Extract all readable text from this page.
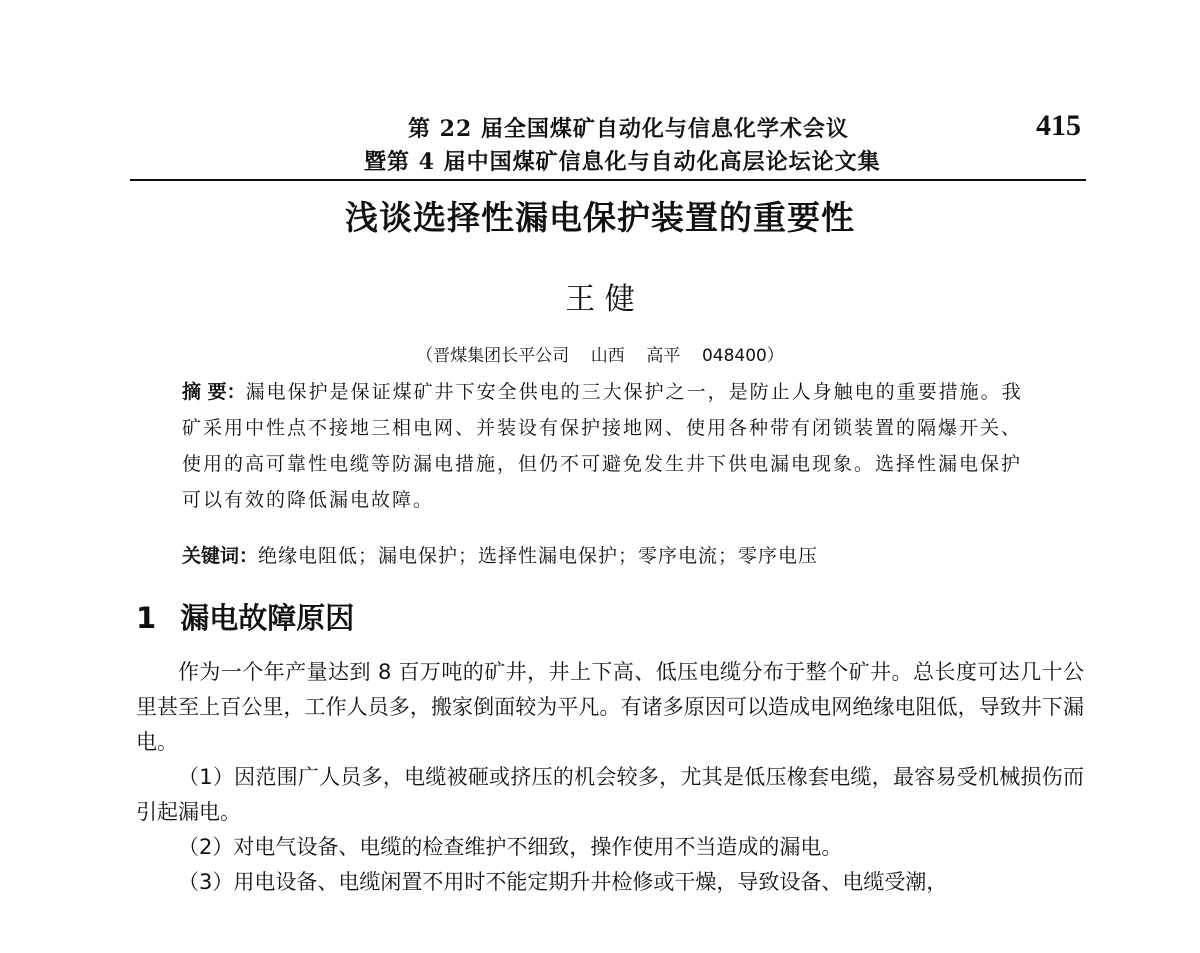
第 22 届全国煤矿自动化与信息化学术会议
暨第 4 届中国煤矿信息化与自动化高层论坛论文集
415
浅谈选择性漏电保护装置的重要性
王 健
（晋煤集团长平公司    山西    高平    048400）
摘 要：漏电保护是保证煤矿井下安全供电的三大保护之一，是防止人身触电的重要措施。我矿采用中性点不接地三相电网、并装设有保护接地网、使用各种带有闭锁装置的隔爆开关、使用的高可靠性电缆等防漏电措施，但仍不可避免发生井下供电漏电现象。选择性漏电保护可以有效的降低漏电故障。
关键词：绝缘电阻低；漏电保护；选择性漏电保护；零序电流；零序电压
1 漏电故障原因

作为一个年产量达到 8 百万吨的矿井，井上下高、低压电缆分布于整个矿井。总长度可达几十公里甚至上百公里，工作人员多，搬家倒面较为平凡。有诸多原因可以造成电网绝缘电阻低，导致井下漏电。

（1）因范围广人员多，电缆被砸或挤压的机会较多，尤其是低压橡套电缆，最容易受机械损伤而引起漏电。

（2）对电气设备、电缆的检查维护不细致，操作使用不当造成的漏电。

（3）用电设备、电缆闲置不用时不能定期升井检修或干燥，导致设备、电缆受潮，
